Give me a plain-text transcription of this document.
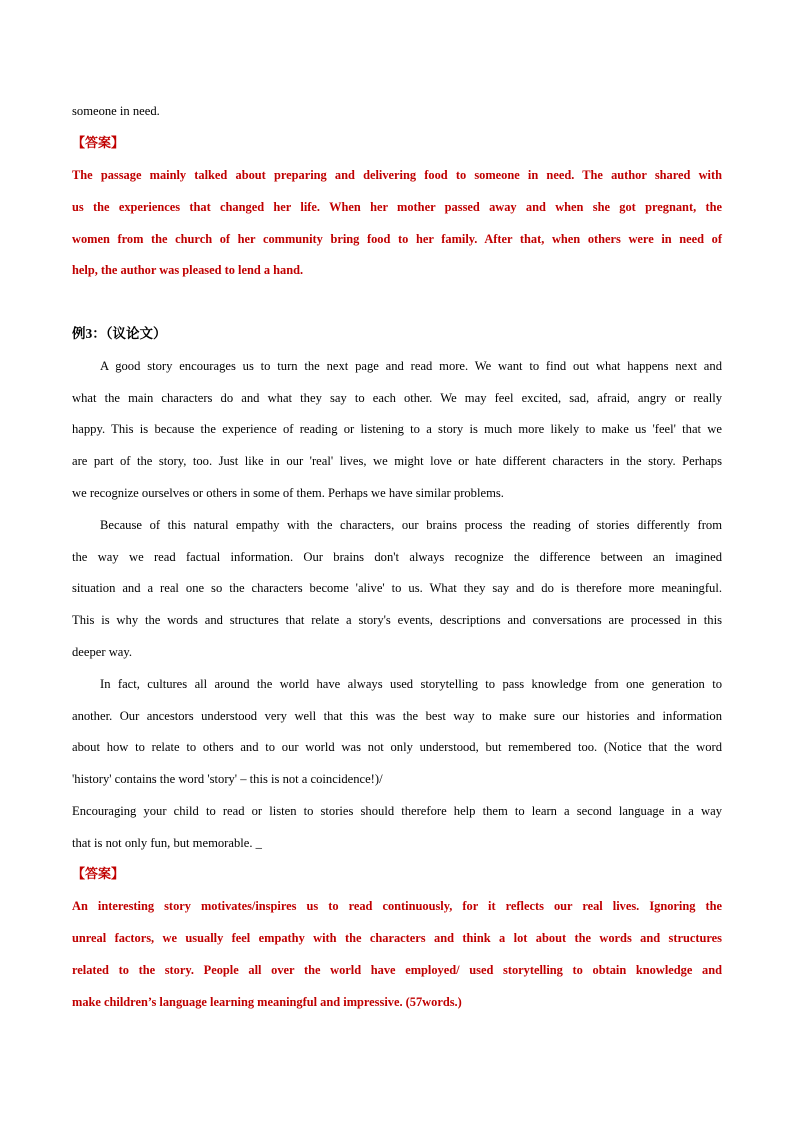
someone in need.
【答案】
The passage mainly talked about preparing and delivering food to someone in need. The author shared with
us the experiences that changed her life. When her mother passed away and when she got pregnant, the
women from the church of her community bring food to her family. After that, when others were in need of
help, the author was pleased to lend a hand.
例3：（议论文）
A good story encourages us to turn the next page and read more. We want to find out what happens next and
what the main characters do and what they say to each other. We may feel excited, sad, afraid, angry or really
happy. This is because the experience of reading or listening to a story is much more likely to make us 'feel' that we
are part of the story, too. Just like in our 'real' lives, we might love or hate different characters in the story. Perhaps
we recognize ourselves or others in some of them. Perhaps we have similar problems.
Because of this natural empathy with the characters, our brains process the reading of stories differently from
the way we read factual information. Our brains don't always recognize the difference between an imagined
situation and a real one so the characters become 'alive' to us. What they say and do is therefore more meaningful.
This is why the words and structures that relate a story's events, descriptions and conversations are processed in this
deeper way.
In fact, cultures all around the world have always used storytelling to pass knowledge from one generation to
another. Our ancestors understood very well that this was the best way to make sure our histories and information
about how to relate to others and to our world was not only understood, but remembered too. (Notice that the word
'history' contains the word 'story' – this is not a coincidence!)/
Encouraging your child to read or listen to stories should therefore help them to learn a second language in a way
that is not only fun, but memorable. _
【答案】
An interesting story motivates/inspires us to read continuously, for it reflects our real lives. Ignoring the
unreal factors, we usually feel empathy with the characters and think a lot about the words and structures
related to the story. People all over the world have employed/ used storytelling to obtain knowledge and
make children’s language learning meaningful and impressive. (57words.)
